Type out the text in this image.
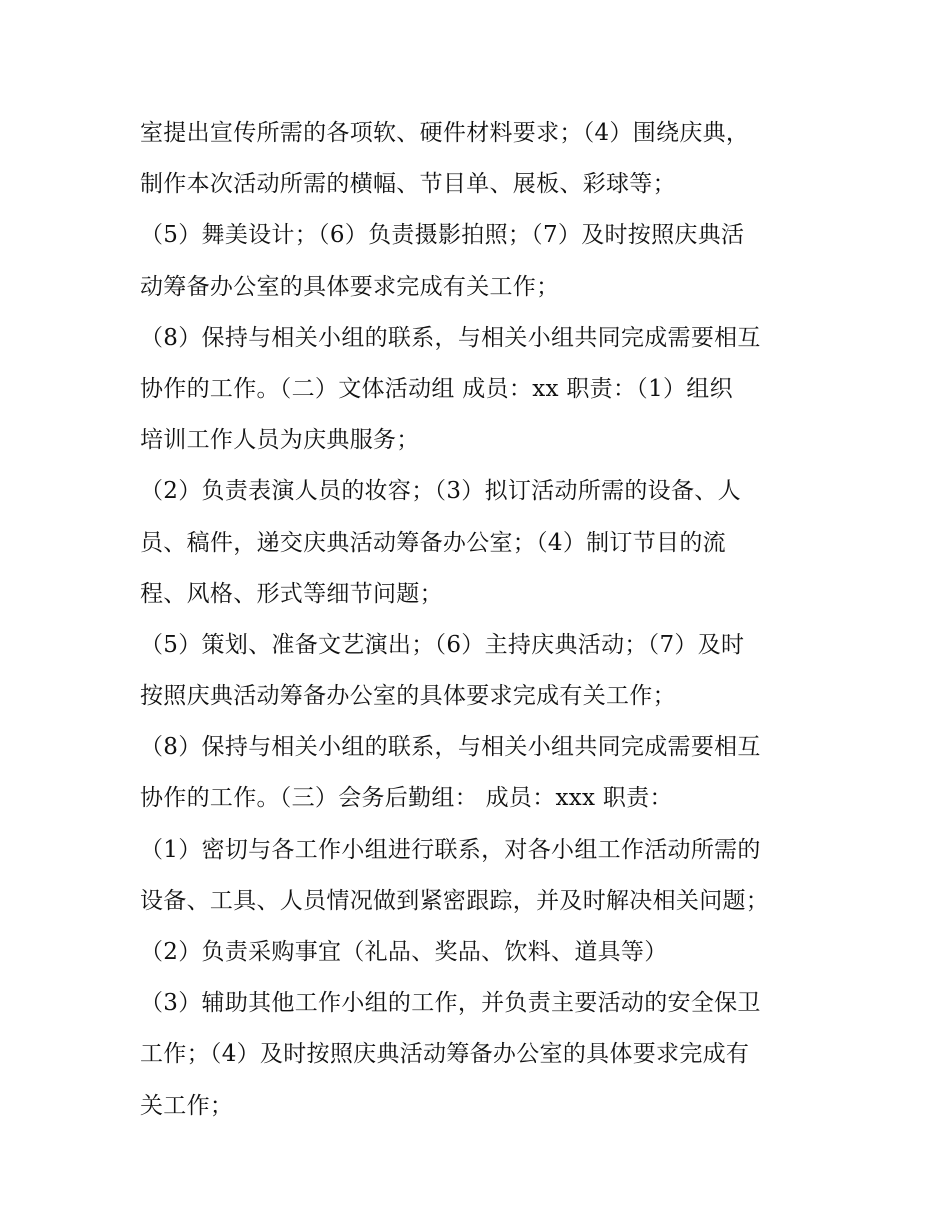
室提出宣传所需的各项软、硬件材料要求；（4）围绕庆典，
制作本次活动所需的横幅、节目单、展板、彩球等；
（5）舞美设计；（6）负责摄影拍照；（7）及时按照庆典活
动筹备办公室的具体要求完成有关工作；
（8）保持与相关小组的联系，与相关小组共同完成需要相互
协作的工作。（二）文体活动组 成员：xx 职责：（1）组织
培训工作人员为庆典服务；
（2）负责表演人员的妆容；（3）拟订活动所需的设备、人
员、稿件，递交庆典活动筹备办公室；（4）制订节目的流
程、风格、形式等细节问题；
（5）策划、准备文艺演出；（6）主持庆典活动；（7）及时
按照庆典活动筹备办公室的具体要求完成有关工作；
（8）保持与相关小组的联系，与相关小组共同完成需要相互
协作的工作。（三）会务后勤组： 成员：xxx 职责：
（1）密切与各工作小组进行联系，对各小组工作活动所需的
设备、工具、人员情况做到紧密跟踪，并及时解决相关问题；
（2）负责采购事宜（礼品、奖品、饮料、道具等）
（3）辅助其他工作小组的工作，并负责主要活动的安全保卫
工作；（4）及时按照庆典活动筹备办公室的具体要求完成有
关工作；
